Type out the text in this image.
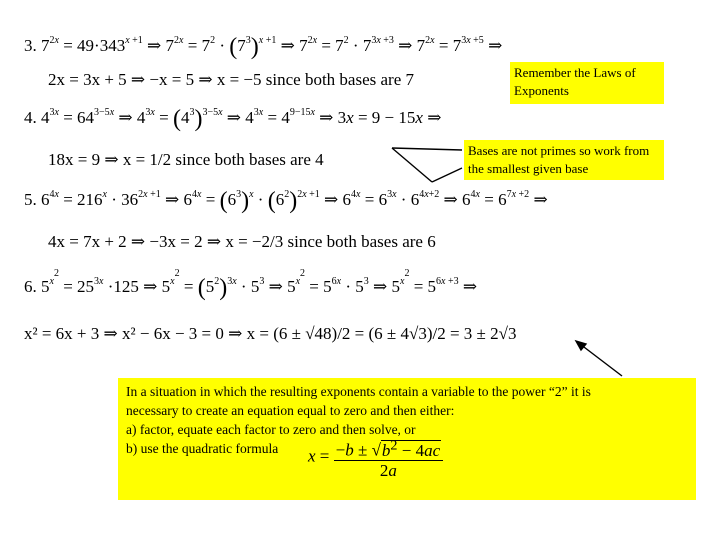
3. $7^{2x} = 49\cdot 343^{x +1}$ ⇒ $7^{2x} = 7^2 \cdot (7^3)^{x +1}$ ⇒ $7^{2x} = 7^2 \cdot 7^{3x +3}$ ⇒ $7^{2x} = 7^{3x +5}$ ⇒
2x = 3x + 5 ⇒ −x = 5 ⇒ x = −5 since both bases are 7	Remember the Laws of Exponents
4. $4^{3x} = 64^{3-5x}$ ⇒ $4^{3x} = (4^3)^{3-5x}$ ⇒ $4^{3x} = 4^{9-15x}$ ⇒ 3x = 9 − 15x ⇒
18x = 9 ⇒ x = 1/2 since both bases are 4	Bases are not primes so work from the smallest given base
5. $6^{4x} = 216^x \cdot 36^{2x +1}$ ⇒ $6^{4x} = (6^3)^x \cdot (6^2)^{2x +1}$ ⇒ $6^{4x} = 6^{3x} \cdot 6^{4x+2}$ ⇒ $6^{4x} = 6^{7x +2}$ ⇒
4x = 7x + 2 ⇒ −3x = 2 ⇒ x = −2/3 since both bases are 6
6. $5^{x^2} = 25^{3x} \cdot 125$ ⇒ $5^{x^2} = (5^2)^{3x} \cdot 5^3$ ⇒ $5^{x^2} = 5^{6x} \cdot 5^3$ ⇒ $5^{x^2} = 5^{6x +3}$ ⇒
x² = 6x + 3 ⇒ x² − 6x − 3 = 0 ⇒ x = (6 ± √48)/2 = (6 ± 4√3)/2 = 3 ± 2√3
In a situation in which the resulting exponents contain a variable to the power “2” it is
necessary to create an equation equal to zero and then either:
a) factor, equate each factor to zero and then solve, or
b) use the quadratic formula	$x = \frac{-b \pm √b^2 - 4ac}{2a}$
